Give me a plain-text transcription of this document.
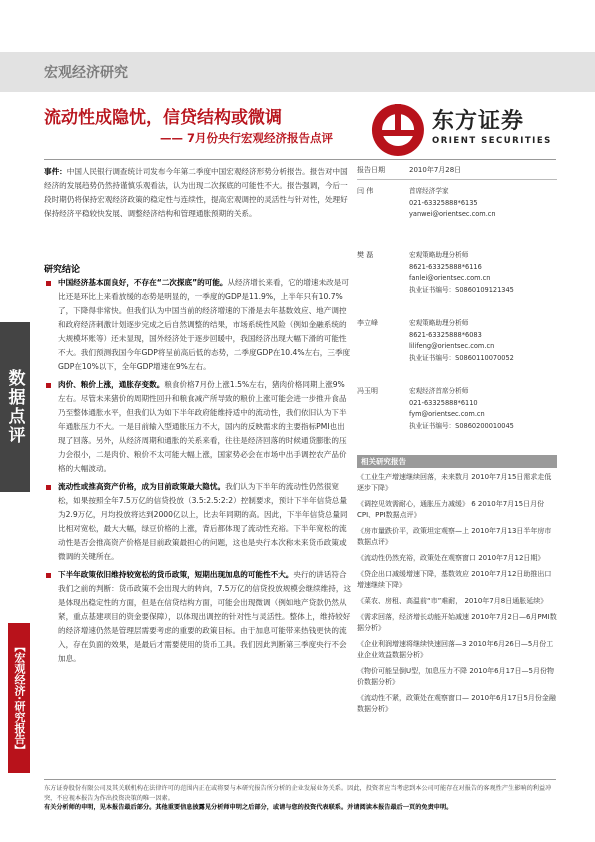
宏观经济研究
数据点评
【宏观经济·研究报告】
流动性成隐忧，信贷结构或微调
—— 7月份央行宏观经济报告点评
东方证券
ORIENT SECURITIES

事件：中国人民银行调查统计司发布今年第二季度中国宏观经济形势分析报告。报告对中国经济的发展趋势仍然持谨慎乐观看法，认为出现二次探底的可能性不大。报告强调，今后一段时期仍将保持宏观经济政策的稳定性与连续性，提高宏观调控的灵活性与针对性，处理好保持经济平稳较快发展、调整经济结构和管理通胀预期的关系。

研究结论
中国经济基本面良好，不存在“二次探底”的可能。从经济增长来看，它的增速未改是可比还是环比上来看放缓的态势是明显的，一季度的GDP是11.9%，上半年只有10.7%了，下降得非常快。但我们认为中国当前的经济增速的下滑是去年基数效应、地产调控和政府经济刺激计划逐步完成之后自然调整的结果，市场系统性风险（例如金融系统的大规模坏账等）还未显现，国外经济处于逐步回暖中，我国经济出现大幅下滑的可能性不大。我们预测我国今年GDP将呈前高后低的态势，二季度GDP在10.4%左右，三季度GDP在10%以下，全年GDP增速在9%左右。
肉价、粮价上涨，通胀存变数。粮食价格7月份上涨1.5%左右，猪肉价格同期上涨9%左右。尽管未来猪价的周期性回升和粮食减产所导致的粮价上涨可能会进一步推升食品乃至整体通胀水平，但我们认为如下半年政府能维持适中的流动性，我们依旧认为下半年通胀压力不大。一是目前输入型通胀压力不大，国内的反映需求的主要指标PMI也出现了回落。另外，从经济周期和通胀的关系来看，往往是经济回落的时候通货膨胀的压力会很小，二是肉价、粮价不太可能大幅上涨，国家势必会在市场中出手调控农产品价格的大幅波动。
流动性或推高资产价格，成为目前政策最大隐忧。我们认为下半年的流动性仍然很宽松，如果按照全年7.5万亿的信贷投放（3.5:2.5:2:2）控制要求，预计下半年信贷总量为2.9万亿，月均投放将达到2000亿以上，比去年同期的高。因此，下半年信贷总量同比相对宽松，最大大幅，绿豆价格的上涨，背后都体现了流动性充裕。下半年宽松的流动性是否会推高资产价格是目前政策最担心的问题，这也是央行本次称未来货币政策或微调的关键所在。
下半年政策依旧维持较宽松的货币政策，短期出现加息的可能性不大。央行的讲话符合我们之前的判断：货币政策不会出现大的转向，7.5万亿的信贷投放规模会继续维持，这是体现出稳定性的方面，但是在信贷结构方面，可能会出现微调（例如地产贷款仍然从紧，重点基建项目的资金要保障），以体现出调控的针对性与灵活性。整体上，维持较好的经济增速仍然是管理层需要考虑的重要的政策目标。由于加息可能带来热钱更快的流入，存在负面的效果，是最后才需要使用的货币工具。我们因此判断第三季度央行不会加息。
报告日期	2010年7月28日
闫 伟	首席经济学家
021-63325888*6135
yanwei@orientsec.com.cn
樊 磊	宏观策略助理分析师
8621-63325888*6116
fanlei@orientsec.com.cn
执业证书编号：S0860109121345
李立峰	宏观策略助理分析师
8621-63325888*6083
lilifeng@orientsec.com.cn
执业证书编号：S0860110070052
冯玉明	宏观经济首席分析师
021-63325888*6110
fym@orientsec.com.cn
执业证书编号：S0860200010045
相关研究报告
《工业生产增速继续回落，未来数月 2010年7月15日需求走低逐步下降》
《调控见效需耐心，通胀压力减缓》 6 2010年7月15日月份CPI、PPI数据点评》
《房市量跌价平，政策坦定观察—上 2010年7月13日半年房市数据点评》
《流动性仍然充裕，政策处在观察窗口 2010年7月12日期》
《贷企出口减缓增速下降，基数效应 2010年7月12日助推出口增速继续下降》
《菜农、房租、高温前“市”难耐， 2010年7月8日通胀延续》
《需求回落，经济增长动能开始减速 2010年7月2日—6月PMI数据分析》
《企业利润增速将继续快速回落—3 2010年6月26日—5月份工业企业效益数据分析》
《物价可能呈倒U型，加息压力不降 2010年6月17日—5月份物价数据分析》
《流动性不紧，政策处在观察窗口— 2010年6月17日5月份金融数据分析》
东方证券股份有限公司及其关联机构在法律许可的范围内正在或将要与本研究报告所分析的企业发展业务关系。因此，投资者应当考虑到本公司可能存在对报告的客观性产生影响的利益冲突，不应视本报告为作出投资决策的唯一因素。
有关分析师的申明，见本报告最后部分。其他重要信息披露见分析师申明之后部分，或请与您的投资代表联系。并请阅读本报告最后一页的免责申明。
